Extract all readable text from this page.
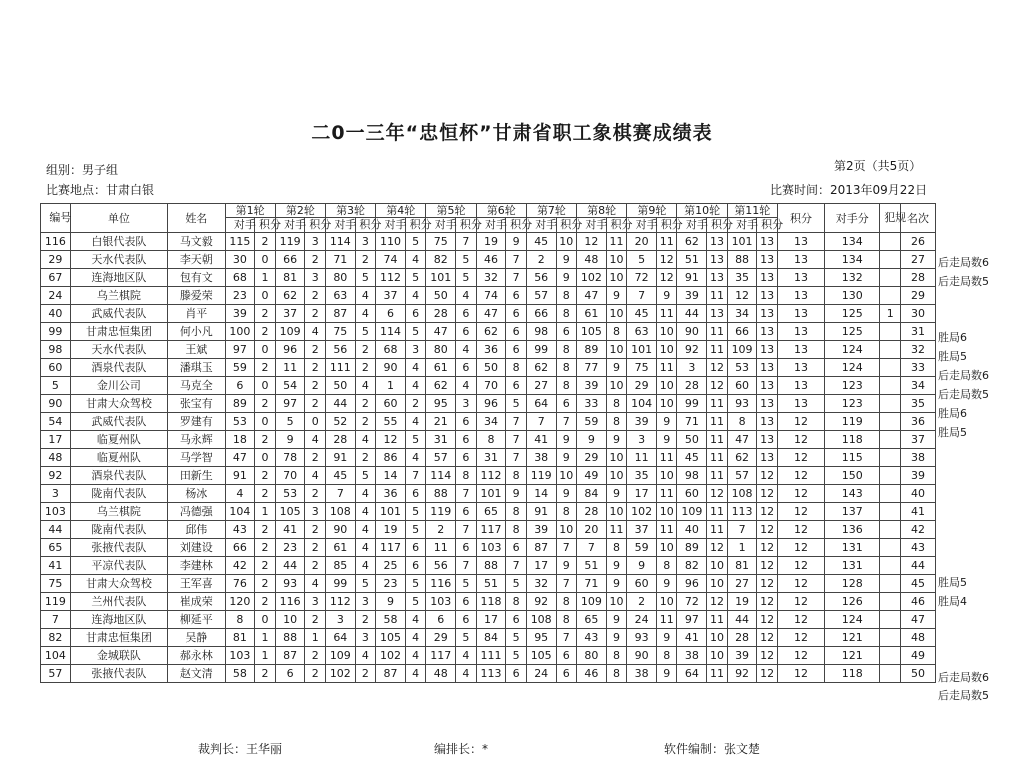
二0一三年“忠恒杯”甘肃省职工象棋赛成绩表
组别：男子组
比赛地点：甘肃白银
第2页（共5页）
比赛时间：2013年09月22日
编号	单位	姓名	第1轮		第2轮		第3轮		第4轮		第5轮		第6轮		第7轮		第8轮		第9轮		第10轮		第11轮		积分	对手分	犯规	名次
			对手	积分	对手	积分	对手	积分	对手	积分	对手	积分	对手	积分	对手	积分	对手	积分	对手	积分	对手	积分	对手	积分				
116	白银代表队	马文毅	115	2	119	3	114	3	110	5	75	7	19	9	45	10	12	11	20	11	62	13	101	13	13	134		26
29	天水代表队	李天朝	30	0	66	2	71	2	74	4	82	5	46	7	2	9	48	10	5	12	51	13	88	13	13	134		27
67	连海地区队	包有文	68	1	81	3	80	5	112	5	101	5	32	7	56	9	102	10	72	12	91	13	35	13	13	132		28
24	乌兰棋院	滕爱荣	23	0	62	2	63	4	37	4	50	4	74	6	57	8	47	9	7	9	39	11	12	13	13	130		29
40	武威代表队	肖平	39	2	37	2	87	4	6	6	28	6	47	6	66	8	61	10	45	11	44	13	34	13	13	125	1	30
99	甘肃忠恒集团	何小凡	100	2	109	4	75	5	114	5	47	6	62	6	98	6	105	8	63	10	90	11	66	13	13	125		31
98	天水代表队	王斌	97	0	96	2	56	2	68	3	80	4	36	6	99	8	89	10	101	10	92	11	109	13	13	124		32
60	酒泉代表队	潘琪玉	59	2	11	2	111	2	90	4	61	6	50	8	62	8	77	9	75	11	3	12	53	13	13	124		33
5	金川公司	马克全	6	0	54	2	50	4	1	4	62	4	70	6	27	8	39	10	29	10	28	12	60	13	13	123		34
90	甘肃大众驾校	张宝有	89	2	97	2	44	2	60	2	95	3	96	5	64	6	33	8	104	10	99	11	93	13	13	123		35
54	武威代表队	罗建有	53	0	5	0	52	2	55	4	21	6	34	7	7	7	59	8	39	9	71	11	8	13	12	119		36
17	临夏州队	马永辉	18	2	9	4	28	4	12	5	31	6	8	7	41	9	9	9	3	9	50	11	47	13	12	118		37
48	临夏州队	马学智	47	0	78	2	91	2	86	4	57	6	31	7	38	9	29	10	11	11	45	11	62	13	12	115		38
92	酒泉代表队	田新生	91	2	70	4	45	5	14	7	114	8	112	8	119	10	49	10	35	10	98	11	57	12	12	150		39
3	陇南代表队	杨冰	4	2	53	2	7	4	36	6	88	7	101	9	14	9	84	9	17	11	60	12	108	12	12	143		40
103	乌兰棋院	冯德强	104	1	105	3	108	4	101	5	119	6	65	8	91	8	28	10	102	10	109	11	113	12	12	137		41
44	陇南代表队	邱伟	43	2	41	2	90	4	19	5	2	7	117	8	39	10	20	11	37	11	40	11	7	12	12	136		42
65	张掖代表队	刘建设	66	2	23	2	61	4	117	6	11	6	103	6	87	7	7	8	59	10	89	12	1	12	12	131		43
41	平凉代表队	李建林	42	2	44	2	85	4	25	6	56	7	88	7	17	9	51	9	9	8	82	10	81	12	12	131		44
75	甘肃大众驾校	王军喜	76	2	93	4	99	5	23	5	116	5	51	5	32	7	71	9	60	9	96	10	27	12	12	128		45
119	兰州代表队	崔成荣	120	2	116	3	112	3	9	5	103	6	118	8	92	8	109	10	2	10	72	12	19	12	12	126		46
7	连海地区队	柳延平	8	0	10	2	3	2	58	4	6	6	17	6	108	8	65	9	24	11	97	11	44	12	12	124		47
82	甘肃忠恒集团	吴静	81	1	88	1	64	3	105	4	29	5	84	5	95	7	43	9	93	9	41	10	28	12	12	121		48
104	金城联队	郝永林	103	1	87	2	109	4	102	4	117	4	111	5	105	6	80	8	90	8	38	10	39	12	12	121		49
57	张掖代表队	赵文清	58	2	6	2	102	2	87	4	48	4	113	6	24	6	46	8	38	9	64	11	92	12	12	118		50
后走局数6
后走局数5
胜局6
胜局5
后走局数6
后走局数5
胜局6
胜局5
胜局5
胜局4
后走局数6
后走局数5
裁判长：王华丽	编排长：*	软件编制：张文楚
